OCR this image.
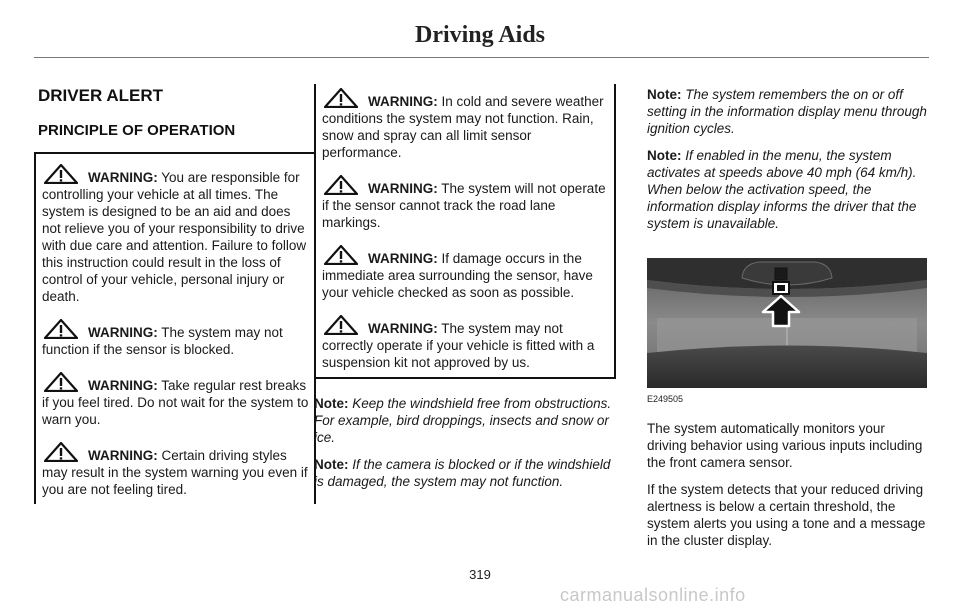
Driving Aids
DRIVER ALERT
PRINCIPLE OF OPERATION

WARNING: You are responsible for controlling your vehicle at all times. The system is designed to be an aid and does not relieve you of your responsibility to drive with due care and attention. Failure to follow this instruction could result in the loss of control of your vehicle, personal injury or death.

WARNING: The system may not function if the sensor is blocked.

WARNING: Take regular rest breaks if you feel tired. Do not wait for the system to warn you.

WARNING: Certain driving styles may result in the system warning you even if you are not feeling tired.

WARNING: In cold and severe weather conditions the system may not function. Rain, snow and spray can all limit sensor performance.

WARNING: The system will not operate if the sensor cannot track the road lane markings.

WARNING: If damage occurs in the immediate area surrounding the sensor, have your vehicle checked as soon as possible.

WARNING: The system may not correctly operate if your vehicle is fitted with a suspension kit not approved by us.

Note: Keep the windshield free from obstructions. For example, bird droppings, insects and snow or ice.

Note: If the camera is blocked or if the windshield is damaged, the system may not function.

Note: The system remembers the on or off setting in the information display menu through ignition cycles.

Note: If enabled in the menu, the system activates at speeds above 40 mph (64 km/h). When below the activation speed, the information display informs the driver that the system is unavailable.

E249505

The system automatically monitors your driving behavior using various inputs including the front camera sensor.

If the system detects that your reduced driving alertness is below a certain threshold, the system alerts you using a tone and a message in the cluster display.

319
carmanualsonline.info
